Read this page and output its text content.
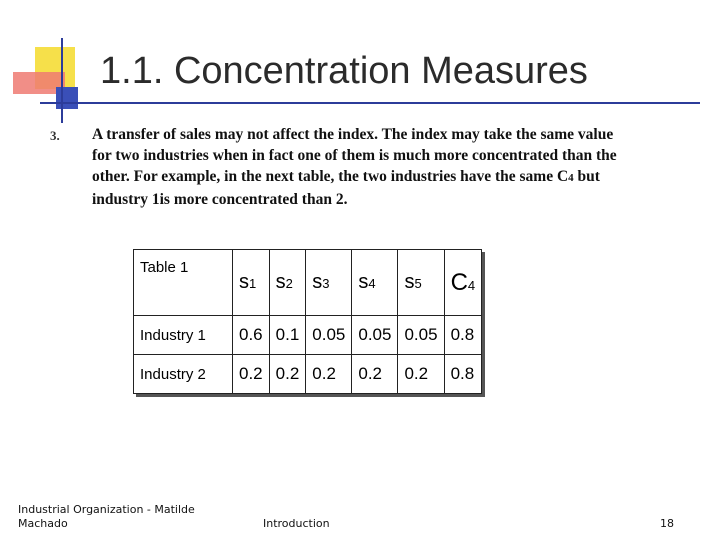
1.1. Concentration Measures
3. A transfer of sales may not affect the index. The index may take the same value for two industries when in fact one of them is much more concentrated than the other. For example, in the next table, the two industries have the same C4 but industry 1is more concentrated than 2.

Table 1	s1	s2	s3	s4	s5	C4
Industry 1	0.6	0.1	0.05	0.05	0.05	0.8
Industry 2	0.2	0.2	0.2	0.2	0.2	0.8
Industrial Organization - Matilde Machado	Introduction	18
